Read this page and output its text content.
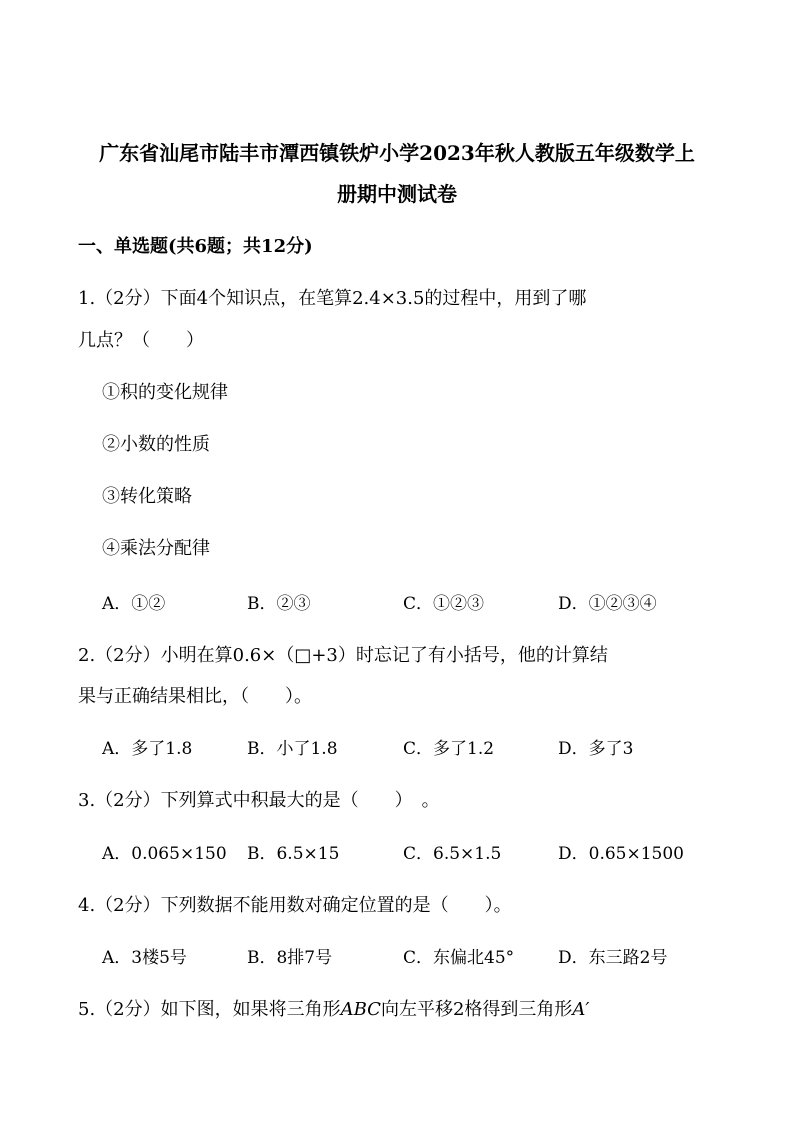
广东省汕尾市陆丰市潭西镇铁炉小学2023年秋人教版五年级数学上
册期中测试卷
一、单选题(共6题；共12分)
1.（2分）下面4个知识点，在笔算2.4×3.5的过程中，用到了哪
几点？（　　）
①积的变化规律
②小数的性质
③转化策略
④乘法分配律
A．①②	B．②③	C．①②③	D．①②③④
2.（2分）小明在算0.6×（□+3）时忘记了有小括号，他的计算结
果与正确结果相比，（　　）。
A．多了1.8	B．小了1.8	C．多了1.2	D．多了3
3.（2分）下列算式中积最大的是（　　）　。
A．0.065×150 B．6.5×15	C．6.5×1.5	D．0.65×1500
4.（2分）下列数据不能用数对确定位置的是（　　）。
A．3楼5号	B．8排7号	C．东偏北45°	D．东三路2号
5.（2分）如下图，如果将三角形ABC向左平移2格得到三角形A′
